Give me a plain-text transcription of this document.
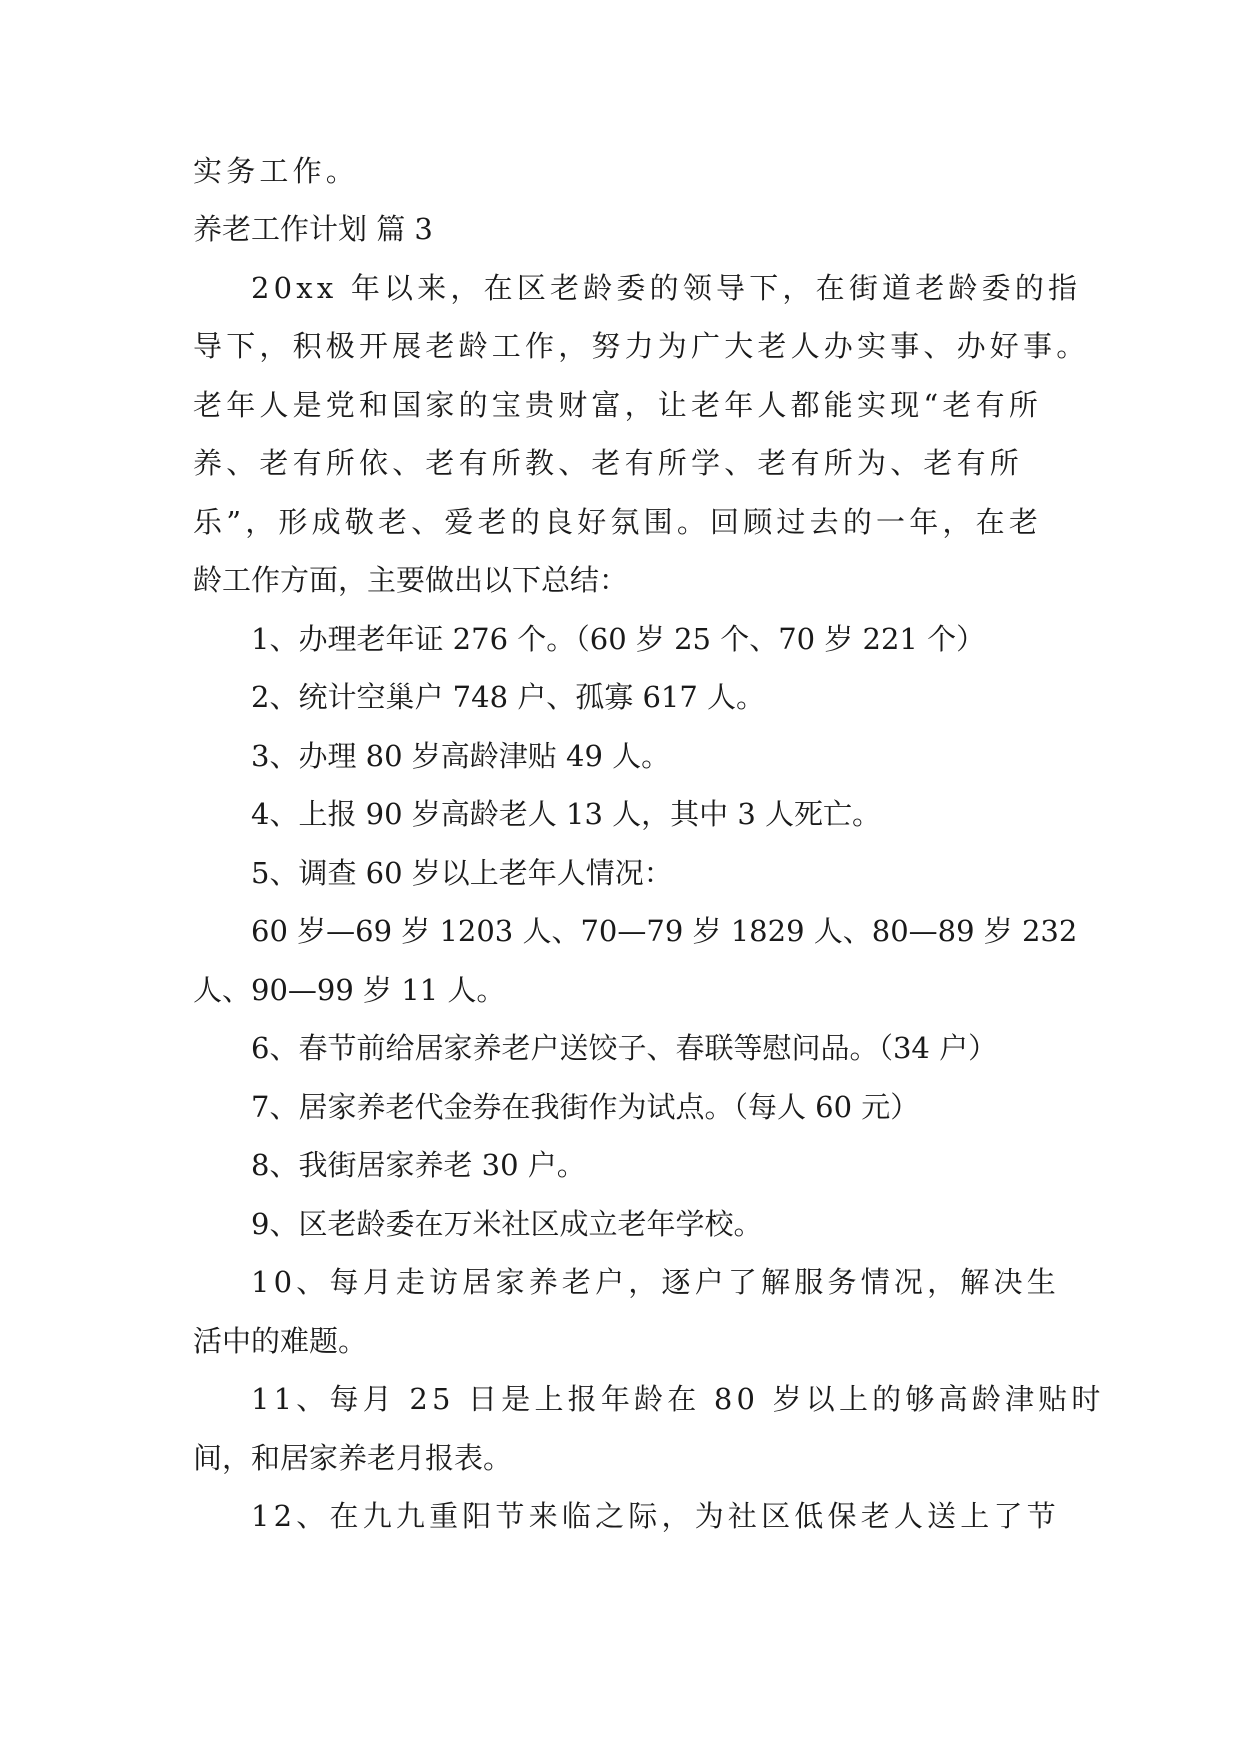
实务工作。
养老工作计划 篇 3
20xx 年以来，在区老龄委的领导下，在街道老龄委的指
导下，积极开展老龄工作，努力为广大老人办实事、办好事。
老年人是党和国家的宝贵财富，让老年人都能实现“老有所
养、老有所依、老有所教、老有所学、老有所为、老有所
乐”，形成敬老、爱老的良好氛围。回顾过去的一年，在老
龄工作方面，主要做出以下总结：
1、办理老年证 276 个。（60 岁 25 个、70 岁 221 个）
2、统计空巢户 748 户、孤寡 617 人。
3、办理 80 岁高龄津贴 49 人。
4、上报 90 岁高龄老人 13 人，其中 3 人死亡。
5、调查 60 岁以上老年人情况：
60 岁—69 岁 1203 人、70—79 岁 1829 人、80—89 岁 232
人、90—99 岁 11 人。
6、春节前给居家养老户送饺子、春联等慰问品。（34 户）
7、居家养老代金券在我街作为试点。（每人 60 元）
8、我街居家养老 30 户。
9、区老龄委在万米社区成立老年学校。
10、每月走访居家养老户，逐户了解服务情况，解决生
活中的难题。
11、每月 25 日是上报年龄在 80 岁以上的够高龄津贴时
间，和居家养老月报表。
12、在九九重阳节来临之际，为社区低保老人送上了节
